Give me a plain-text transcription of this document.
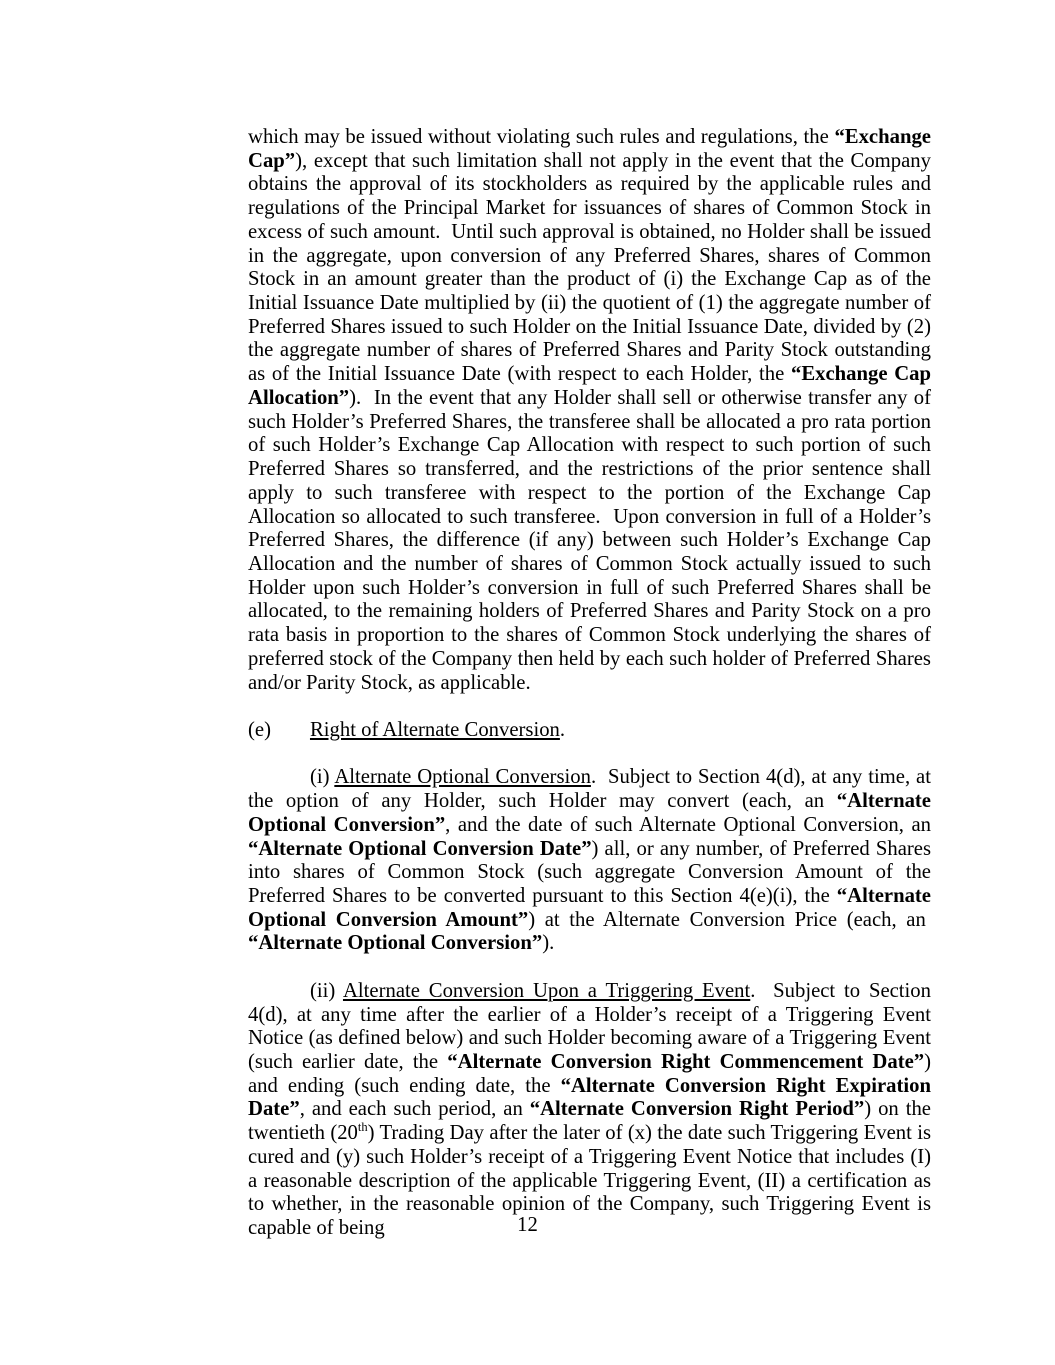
which may be issued without violating such rules and regulations, the “Exchange Cap”), except that such limitation shall not apply in the event that the Company obtains the approval of its stockholders as required by the applicable rules and regulations of the Principal Market for issuances of shares of Common Stock in excess of such amount.  Until such approval is obtained, no Holder shall be issued in the aggregate, upon conversion of any Preferred Shares, shares of Common Stock in an amount greater than the product of (i) the Exchange Cap as of the Initial Issuance Date multiplied by (ii) the quotient of (1) the aggregate number of Preferred Shares issued to such Holder on the Initial Issuance Date, divided by (2) the aggregate number of shares of Preferred Shares and Parity Stock outstanding as of the Initial Issuance Date (with respect to each Holder, the “Exchange Cap Allocation”).  In the event that any Holder shall sell or otherwise transfer any of such Holder’s Preferred Shares, the transferee shall be allocated a pro rata portion of such Holder’s Exchange Cap Allocation with respect to such portion of such Preferred Shares so transferred, and the restrictions of the prior sentence shall apply to such transferee with respect to the portion of the Exchange Cap Allocation so allocated to such transferee.  Upon conversion in full of a Holder’s Preferred Shares, the difference (if any) between such Holder’s Exchange Cap Allocation and the number of shares of Common Stock actually issued to such Holder upon such Holder’s conversion in full of such Preferred Shares shall be allocated, to the remaining holders of Preferred Shares and Parity Stock on a pro rata basis in proportion to the shares of Common Stock underlying the shares of preferred stock of the Company then held by each such holder of Preferred Shares and/or Parity Stock, as applicable.

(e) Right of Alternate Conversion.

(i) Alternate Optional Conversion.  Subject to Section 4(d), at any time, at the option of any Holder, such Holder may convert (each, an “Alternate Optional Conversion”, and the date of such Alternate Optional Conversion, an “Alternate Optional Conversion Date”) all, or any number, of Preferred Shares into shares of Common Stock (such aggregate Conversion Amount of the Preferred Shares to be converted pursuant to this Section 4(e)(i), the “Alternate Optional Conversion Amount”) at the Alternate Conversion Price (each, an  “Alternate Optional Conversion”).

(ii) Alternate Conversion Upon a Triggering Event.  Subject to Section 4(d), at any time after the earlier of a Holder’s receipt of a Triggering Event Notice (as defined below) and such Holder becoming aware of a Triggering Event (such earlier date, the “Alternate Conversion Right Commencement Date”) and ending (such ending date, the “Alternate Conversion Right Expiration Date”, and each such period, an “Alternate Conversion Right Period”) on the twentieth (20th) Trading Day after the later of (x) the date such Triggering Event is cured and (y) such Holder’s receipt of a Triggering Event Notice that includes (I) a reasonable description of the applicable Triggering Event, (II) a certification as to whether, in the reasonable opinion of the Company, such Triggering Event is capable of being	12
